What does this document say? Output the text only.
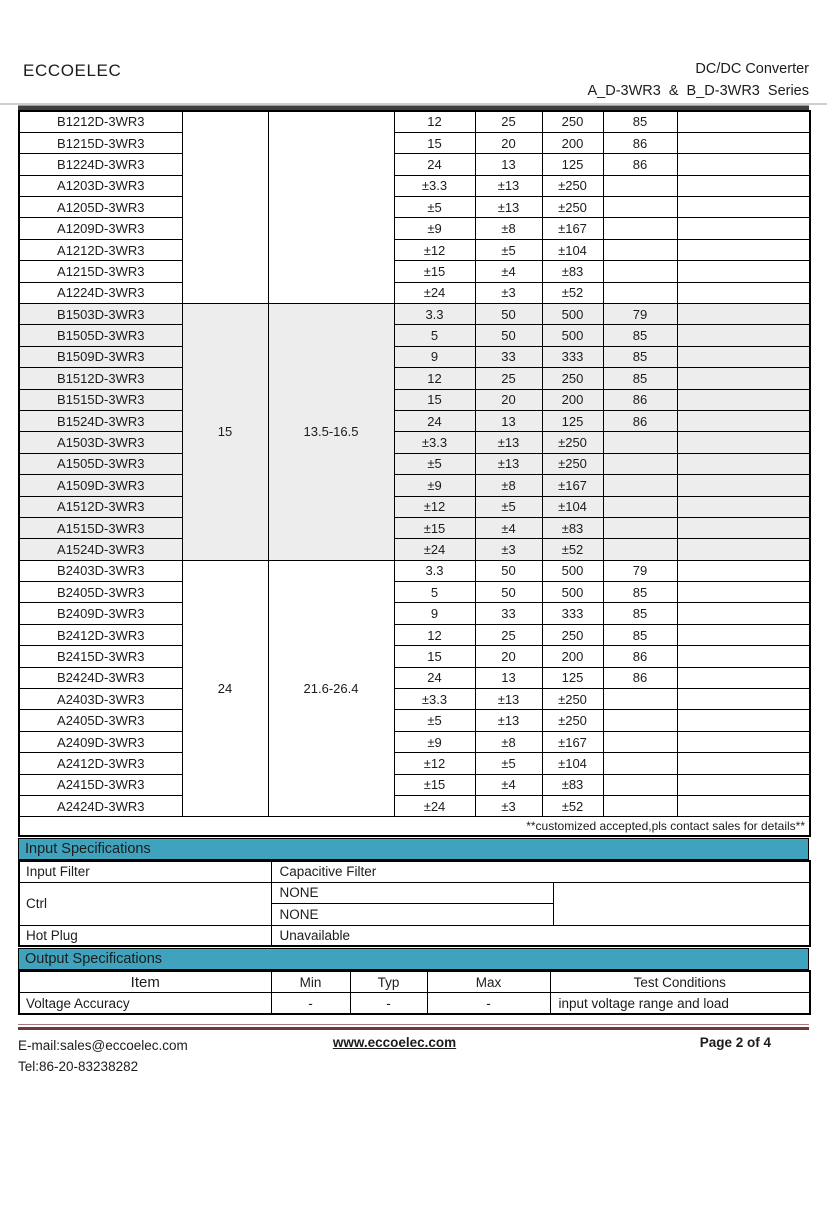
ECCOELEC	DC/DC Converter
A_D-3WR3 & B_D-3WR3 Series
B1212D-3WR3			12	25	250	85	
B1215D-3WR3			15	20	200	86	
B1224D-3WR3			24	13	125	86	
A1203D-3WR3			±3.3	±13	±250		
A1205D-3WR3			±5	±13	±250		
A1209D-3WR3			±9	±8	±167		
A1212D-3WR3			±12	±5	±104		
A1215D-3WR3			±15	±4	±83		
A1224D-3WR3			±24	±3	±52		
B1503D-3WR3	15	13.5-16.5	3.3	50	500	79	
B1505D-3WR3			5	50	500	85	
B1509D-3WR3			9	33	333	85	
B1512D-3WR3			12	25	250	85	
B1515D-3WR3			15	20	200	86	
B1524D-3WR3			24	13	125	86	
A1503D-3WR3			±3.3	±13	±250		
A1505D-3WR3			±5	±13	±250		
A1509D-3WR3			±9	±8	±167		
A1512D-3WR3			±12	±5	±104		
A1515D-3WR3			±15	±4	±83		
A1524D-3WR3			±24	±3	±52		
B2403D-3WR3	24	21.6-26.4	3.3	50	500	79	
B2405D-3WR3			5	50	500	85	
B2409D-3WR3			9	33	333	85	
B2412D-3WR3			12	25	250	85	
B2415D-3WR3			15	20	200	86	
B2424D-3WR3			24	13	125	86	
A2403D-3WR3			±3.3	±13	±250		
A2405D-3WR3			±5	±13	±250		
A2409D-3WR3			±9	±8	±167		
A2412D-3WR3			±12	±5	±104		
A2415D-3WR3			±15	±4	±83		
A2424D-3WR3			±24	±3	±52		
**customized accepted,pls contact sales for details**							
Input Specifications
Input Filter	Capacitive Filter	
Ctrl	NONE	
	NONE	
Hot Plug	Unavailable	
Output Specifications
Item	Min	Typ	Max	Test Conditions
Voltage Accuracy	-	-	-	input voltage range and load
E-mail:sales@eccoelec.com
Tel:86-20-83238282
www.eccoelec.com	Page 2 of 4
